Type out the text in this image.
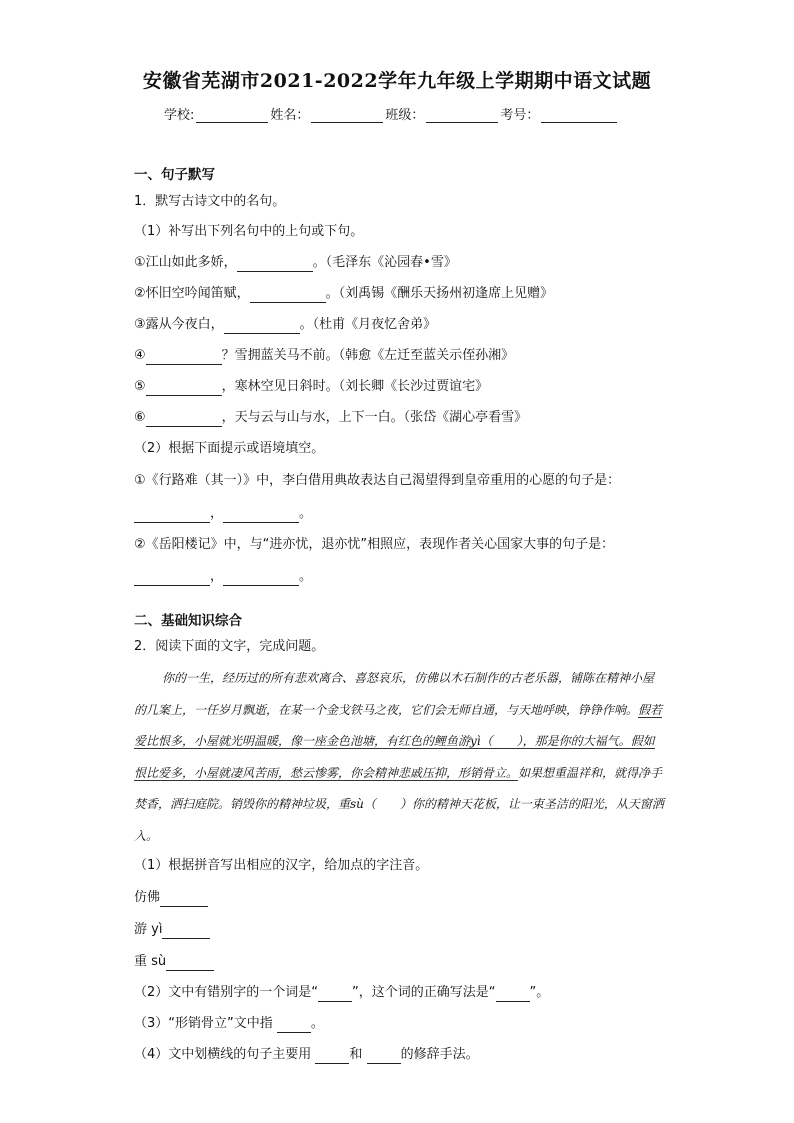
安徽省芜湖市2021-2022学年九年级上学期期中语文试题
学校:	姓名：	班级：	考号：
一、句子默写
1．默写古诗文中的名句。
（1）补写出下列名句中的上句或下句。
①江山如此多娇，	。（毛泽东《沁园春•雪》
②怀旧空吟闻笛赋，	。（刘禹锡《酬乐天扬州初逢席上见赠》
③露从今夜白，	。（杜甫《月夜忆舍弟》
④	？雪拥蓝关马不前。（韩愈《左迁至蓝关示侄孙湘》
⑤	，寒林空见日斜时。（刘长卿《长沙过贾谊宅》
⑥	，天与云与山与水，上下一白。（张岱《湖心亭看雪》
（2）根据下面提示或语境填空。
①《行路难（其一）》中，李白借用典故表达自己渴望得到皇帝重用的心愿的句子是：
，	。
②《岳阳楼记》中，与“进亦忧，退亦忧”相照应，表现作者关心国家大事的句子是：
，	。
二、基础知识综合
2．阅读下面的文字，完成问题。
你的一生，经历过的所有悲欢离合、喜怒哀乐，仿佛以木石制作的古老乐器，铺陈在精神小屋的几案上，一任岁月飘逝，在某一个金戈铁马之夜，它们会无师自通，与天地呼映，铮铮作响。假若爱比恨多，小屋就光明温暖，像一座金色池塘，有红色的鲤鱼游yì（　　），那是你的大福气。假如恨比爱多，小屋就凄风苦雨，愁云惨雾，你会精神悲戚压抑，形销骨立。如果想重温祥和，就得净手焚香，洒扫庭院。销毁你的精神垃圾，重sù（　　）你的精神天花板，让一束圣洁的阳光，从天窗洒入。
（1）根据拼音写出相应的汉字，给加点的字注音。
仿佛
游 yì
重 sù
（2）文中有错别字的一个词是“	”，这个词的正确写法是“	”。
（3）“形销骨立”文中指	。
（4）文中划横线的句子主要用	和	的修辞手法。
